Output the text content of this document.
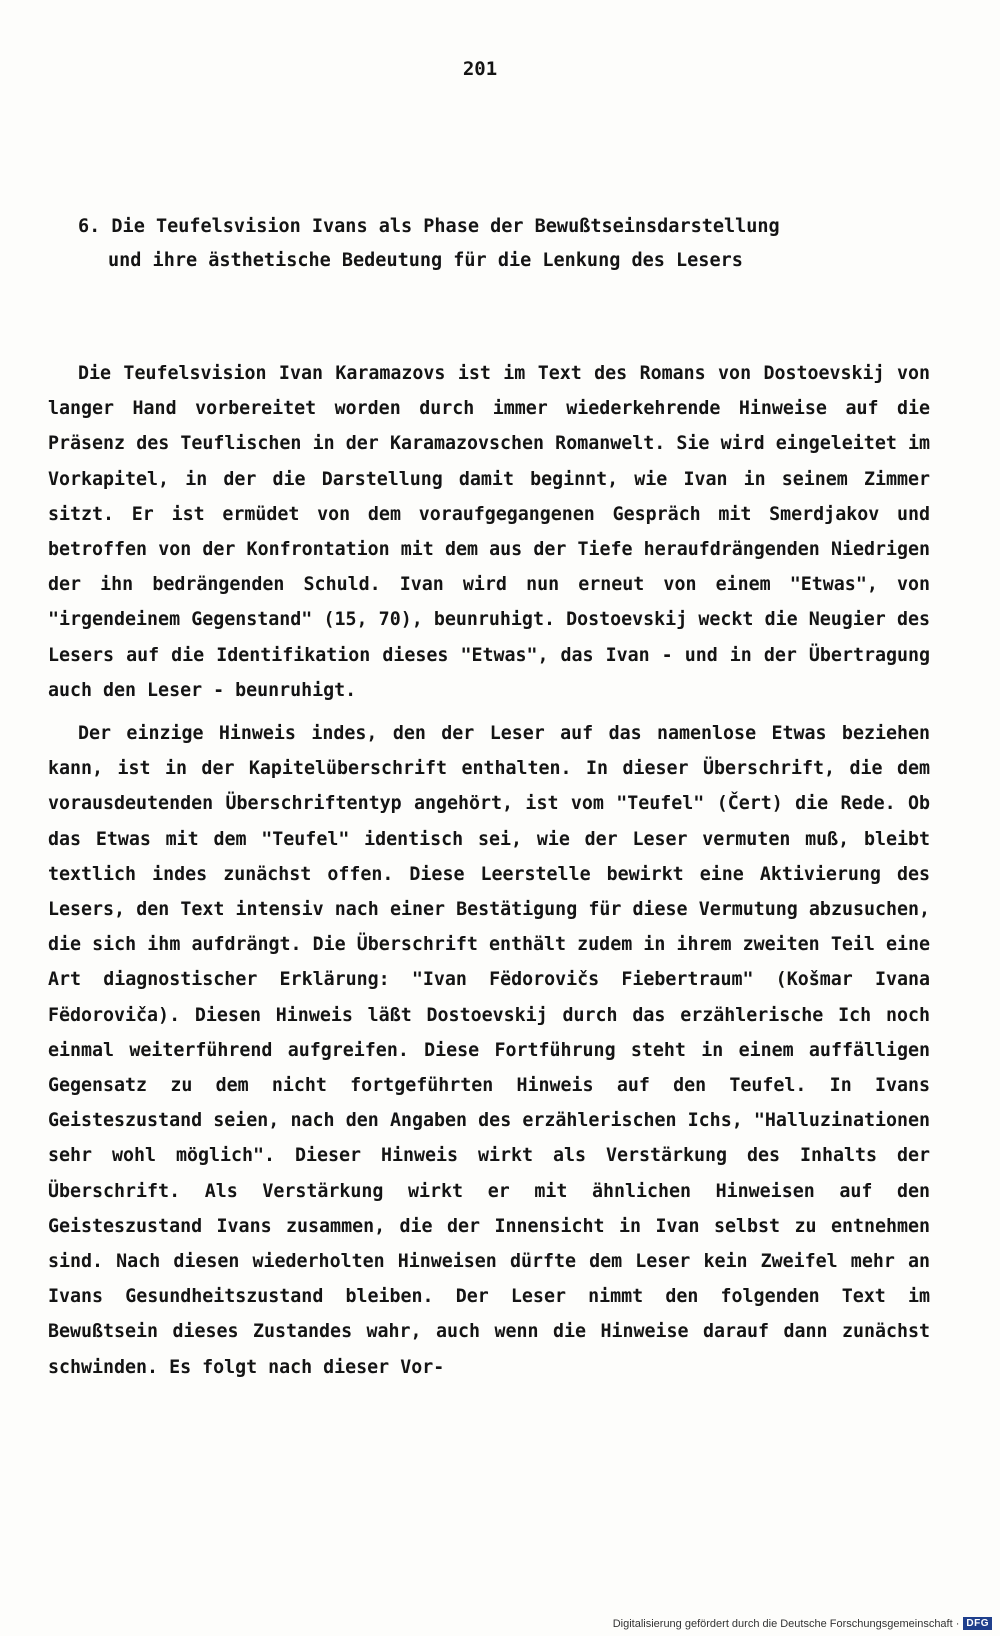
201
6. Die Teufelsvision Ivans als Phase der Bewußtseinsdarstellung
und ihre ästhetische Bedeutung für die Lenkung des Lesers

Die Teufelsvision Ivan Karamazovs ist im Text des Romans von Dostoevskij von langer Hand vorbereitet worden durch immer wiederkehrende Hinweise auf die Präsenz des Teuflischen in der Karamazovschen Romanwelt. Sie wird eingeleitet im Vorkapitel, in der die Darstellung damit beginnt, wie Ivan in seinem Zimmer sitzt. Er ist ermüdet von dem voraufgegangenen Gespräch mit Smerdjakov und betroffen von der Konfrontation mit dem aus der Tiefe heraufdrängenden Niedrigen der ihn bedrängenden Schuld. Ivan wird nun erneut von einem "Etwas", von "irgendeinem Gegenstand" (15, 70), beunruhigt. Dostoevskij weckt die Neugier des Lesers auf die Identifikation dieses "Etwas", das Ivan - und in der Übertragung auch den Leser - beunruhigt.

Der einzige Hinweis indes, den der Leser auf das namenlose Etwas beziehen kann, ist in der Kapitelüberschrift enthalten. In dieser Überschrift, die dem vorausdeutenden Überschriftentyp angehört, ist vom "Teufel" (Čert) die Rede. Ob das Etwas mit dem "Teufel" identisch sei, wie der Leser vermuten muß, bleibt textlich indes zunächst offen. Diese Leerstelle bewirkt eine Aktivierung des Lesers, den Text intensiv nach einer Bestätigung für diese Vermutung abzusuchen, die sich ihm aufdrängt. Die Überschrift enthält zudem in ihrem zweiten Teil eine Art diagnostischer Erklärung: "Ivan Fëdorovičs Fiebertraum" (Košmar Ivana Fëdoroviča). Diesen Hinweis läßt Dostoevskij durch das erzählerische Ich noch einmal weiterführend aufgreifen. Diese Fortführung steht in einem auffälligen Gegensatz zu dem nicht fortgeführten Hinweis auf den Teufel. In Ivans Geisteszustand seien, nach den Angaben des erzählerischen Ichs, "Halluzinationen sehr wohl möglich". Dieser Hinweis wirkt als Verstärkung des Inhalts der Überschrift. Als Verstärkung wirkt er mit ähnlichen Hinweisen auf den Geisteszustand Ivans zusammen, die der Innensicht in Ivan selbst zu entnehmen sind. Nach diesen wiederholten Hinweisen dürfte dem Leser kein Zweifel mehr an Ivans Gesundheitszustand bleiben. Der Leser nimmt den folgenden Text im Bewußtsein dieses Zustandes wahr, auch wenn die Hinweise darauf dann zunächst schwinden. Es folgt nach dieser Vor-

Digitalisierung gefördert durch die Deutsche Forschungsgemeinschaft · DFG
